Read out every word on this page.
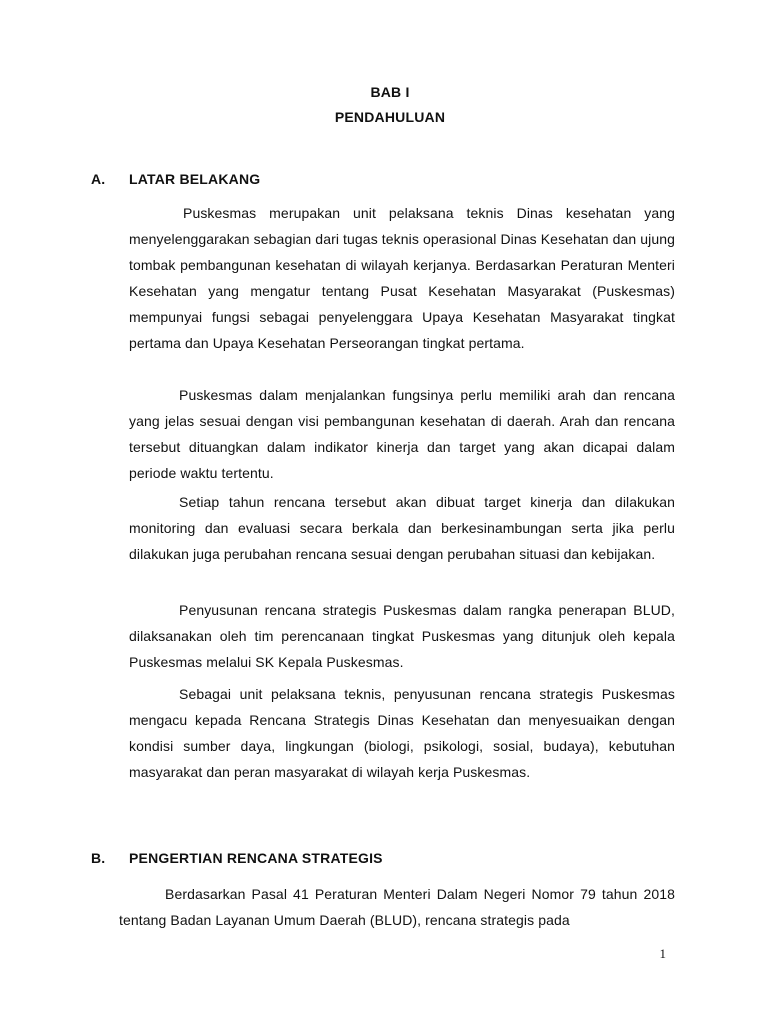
BAB I
PENDAHULUAN
A. LATAR BELAKANG

Puskesmas merupakan unit pelaksana teknis Dinas kesehatan yang menyelenggarakan sebagian dari tugas teknis operasional Dinas Kesehatan dan ujung tombak pembangunan kesehatan di wilayah kerjanya. Berdasarkan Peraturan Menteri Kesehatan yang mengatur tentang Pusat Kesehatan Masyarakat (Puskesmas) mempunyai fungsi sebagai penyelenggara Upaya Kesehatan Masyarakat tingkat pertama dan Upaya Kesehatan Perseorangan tingkat pertama.

Puskesmas dalam menjalankan fungsinya perlu memiliki arah dan rencana yang jelas sesuai dengan visi pembangunan kesehatan di daerah. Arah dan rencana tersebut dituangkan dalam indikator kinerja dan target yang akan dicapai dalam periode waktu tertentu.

Setiap tahun rencana tersebut akan dibuat target kinerja dan dilakukan monitoring dan evaluasi secara berkala dan berkesinambungan serta jika perlu dilakukan juga perubahan rencana sesuai dengan perubahan situasi dan kebijakan.

Penyusunan rencana strategis Puskesmas dalam rangka penerapan BLUD, dilaksanakan oleh tim perencanaan tingkat Puskesmas yang ditunjuk oleh kepala Puskesmas melalui SK Kepala Puskesmas.

Sebagai unit pelaksana teknis, penyusunan rencana strategis Puskesmas mengacu kepada Rencana Strategis Dinas Kesehatan dan menyesuaikan dengan kondisi sumber daya, lingkungan (biologi, psikologi, sosial, budaya), kebutuhan masyarakat dan peran masyarakat di wilayah kerja Puskesmas.

B. PENGERTIAN RENCANA STRATEGIS

Berdasarkan Pasal 41 Peraturan Menteri Dalam Negeri Nomor 79 tahun 2018 tentang Badan Layanan Umum Daerah (BLUD), rencana strategis pada

1
